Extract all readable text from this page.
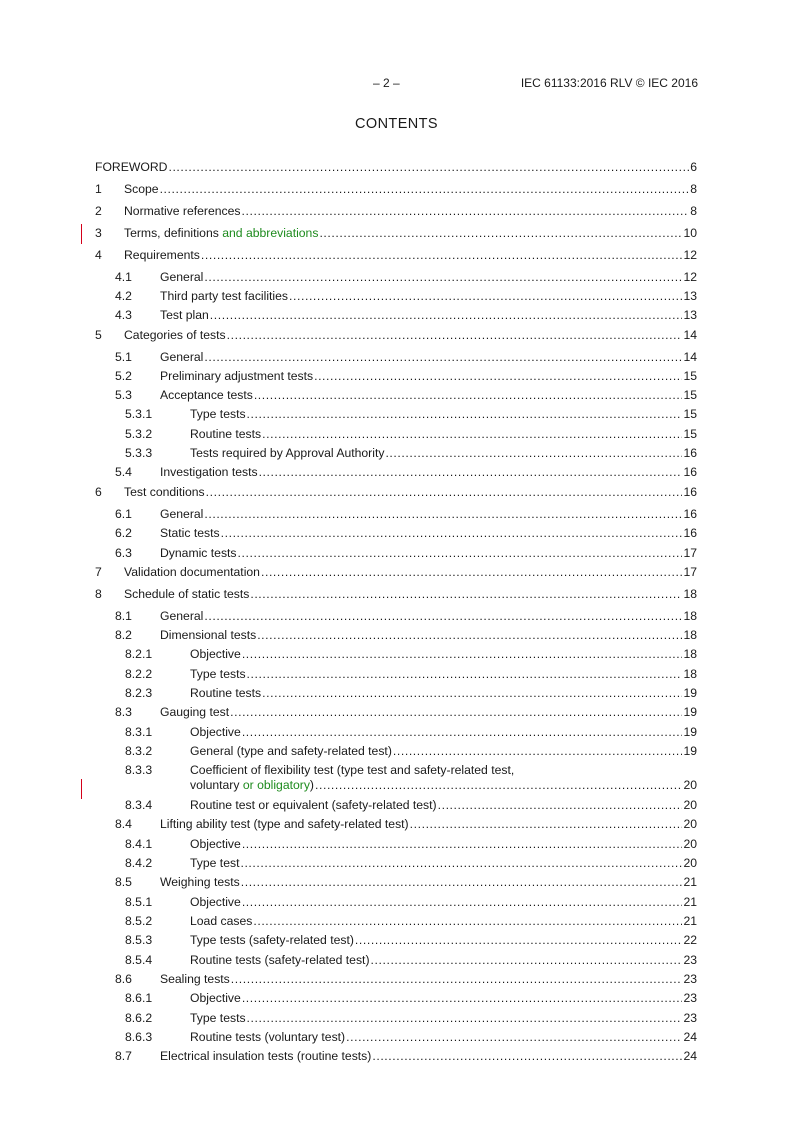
– 2 –	IEC 61133:2016 RLV © IEC 2016
CONTENTS
FOREWORD .....	6
1 Scope .....	8
2 Normative references .....	8
3 Terms, definitions and abbreviations .....	10
4 Requirements .....	12
4.1 General .....	12
4.2 Third party test facilities .....	13
4.3 Test plan .....	13
5 Categories of tests .....	14
5.1 General .....	14
5.2 Preliminary adjustment tests .....	15
5.3 Acceptance tests .....	15
5.3.1	Type tests .....	15
5.3.2	Routine tests .....	15
5.3.3	Tests required by Approval Authority .....	16
5.4 Investigation tests .....	16
6 Test conditions .....	16
6.1 General .....	16
6.2 Static tests .....	16
6.3 Dynamic tests .....	17
7 Validation documentation .....	17
8 Schedule of static tests .....	18
8.1 General .....	18
8.2 Dimensional tests .....	18
8.2.1	Objective .....	18
8.2.2	Type tests .....	18
8.2.3	Routine tests .....	19
8.3 Gauging test .....	19
8.3.1	Objective .....	19
8.3.2	General (type and safety-related test) .....	19
8.3.3	Coefficient of flexibility test (type test and safety-related test,
voluntary or obligatory) .....	20
8.3.4	Routine test or equivalent (safety-related test) .....	20
8.4 Lifting ability test (type and safety-related test) .....	20
8.4.1	Objective .....	20
8.4.2	Type test .....	20
8.5 Weighing tests .....	21
8.5.1	Objective .....	21
8.5.2	Load cases .....	21
8.5.3	Type tests (safety-related test) .....	22
8.5.4	Routine tests (safety-related test) .....	23
8.6 Sealing tests .....	23
8.6.1	Objective .....	23
8.6.2	Type tests .....	23
8.6.3	Routine tests (voluntary test) .....	24
8.7 Electrical insulation tests (routine tests) .....	24
